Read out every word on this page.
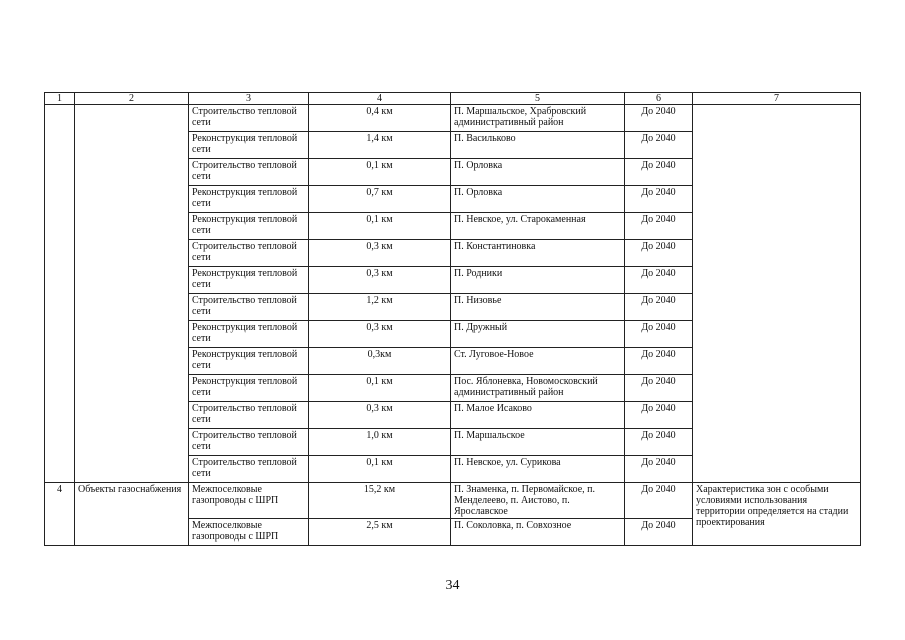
1	2	3	4	5	6	7
		Строительство тепловой сети	0,4 км	П. Маршальское, Храбровский административный район	До 2040	
		Реконструкция тепловой сети	1,4 км	П. Васильково	До 2040	
		Строительство тепловой сети	0,1 км	П. Орловка	До 2040	
		Реконструкция тепловой сети	0,7 км	П. Орловка	До 2040	
		Реконструкция тепловой сети	0,1 км	П. Невское, ул. Старокаменная	До 2040	
		Строительство тепловой сети	0,3 км	П. Константиновка	До 2040	
		Реконструкция тепловой сети	0,3 км	П. Родники	До 2040	
		Строительство тепловой сети	1,2 км	П. Низовье	До 2040	
		Реконструкция тепловой сети	0,3 км	П. Дружный	До 2040	
		Реконструкция тепловой сети	0,3км	Ст. Луговое-Новое	До 2040	
		Реконструкция тепловой сети	0,1 км	Пос. Яблоневка, Новомосковский административный район	До 2040	
		Строительство тепловой сети	0,3 км	П. Малое Исаково	До 2040	
		Строительство тепловой сети	1,0 км	П. Маршальское	До 2040	
		Строительство тепловой сети	0,1 км	П. Невское, ул. Сурикова	До 2040	
4	Объекты газоснабжения	Межпоселковые газопроводы с ШРП	15,2 км	П. Знаменка, п. Первомайское, п. Менделеево, п. Аистово, п. Ярославское	До 2040	Характеристика зон с особыми условиями использования территории определяется на стадии проектирования
		Межпоселковые газопроводы с ШРП	2,5 км	П. Соколовка, п. Совхозное	До 2040	
34
